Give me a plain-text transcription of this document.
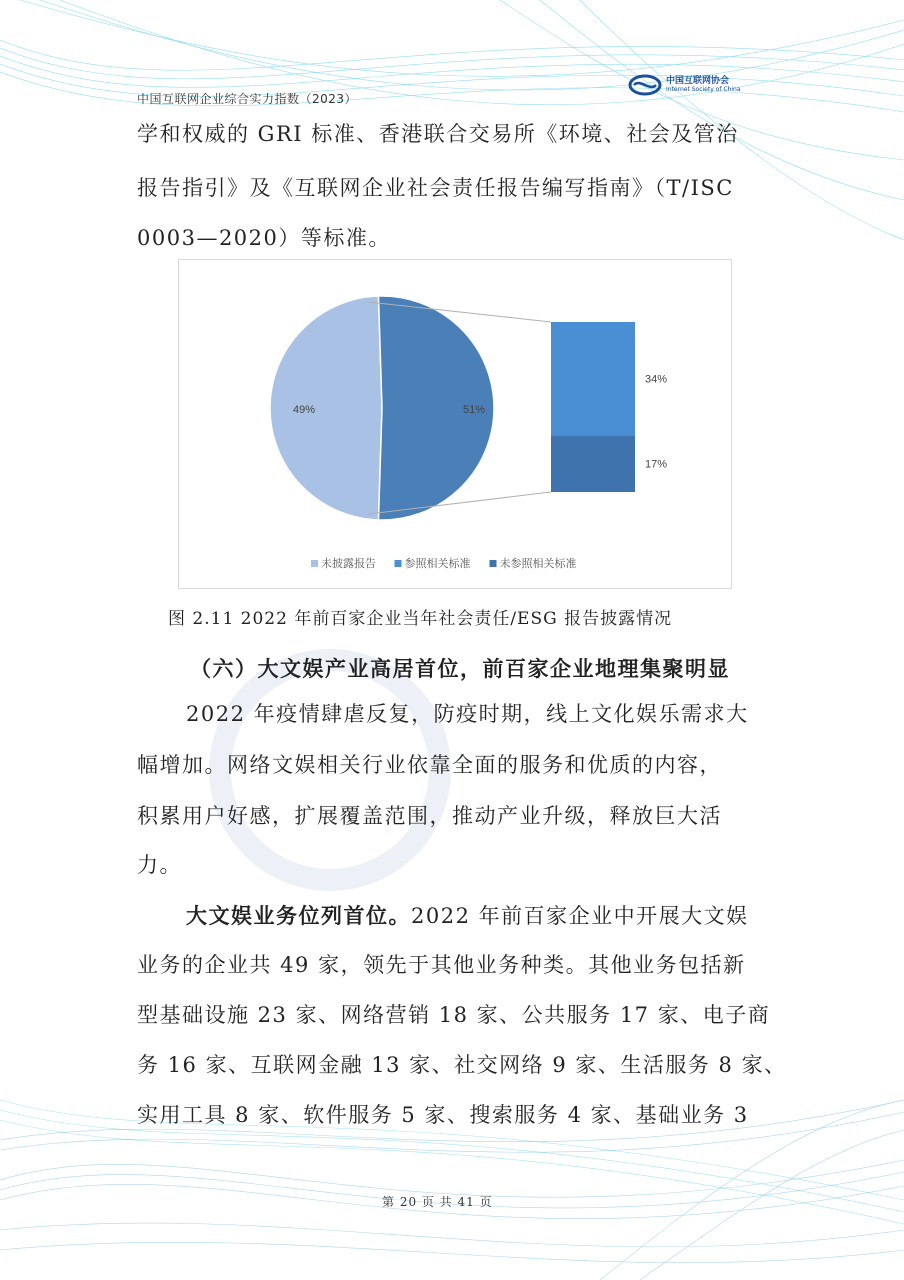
中国互联网企业综合实力指数（2023）
中国互联网协会
Internet Society of China
学和权威的 GRI 标准、香港联合交易所《环境、社会及管治
报告指引》及《互联网企业社会责任报告编写指南》（T/ISC
0003—2020）等标准。
49%	51%
34%
17%
未披露报告	参照相关标准	未参照相关标准
图 2.11 2022 年前百家企业当年社会责任/ESG 报告披露情况
（六）大文娱产业高居首位，前百家企业地理集聚明显
2022 年疫情肆虐反复，防疫时期，线上文化娱乐需求大
幅增加。网络文娱相关行业依靠全面的服务和优质的内容，
积累用户好感，扩展覆盖范围，推动产业升级，释放巨大活
力。
大文娱业务位列首位。2022 年前百家企业中开展大文娱
业务的企业共 49 家，领先于其他业务种类。其他业务包括新
型基础设施 23 家、网络营销 18 家、公共服务 17 家、电子商
务 16 家、互联网金融 13 家、社交网络 9 家、生活服务 8 家、
实用工具 8 家、软件服务 5 家、搜索服务 4 家、基础业务 3
第 20 页 共 41 页
